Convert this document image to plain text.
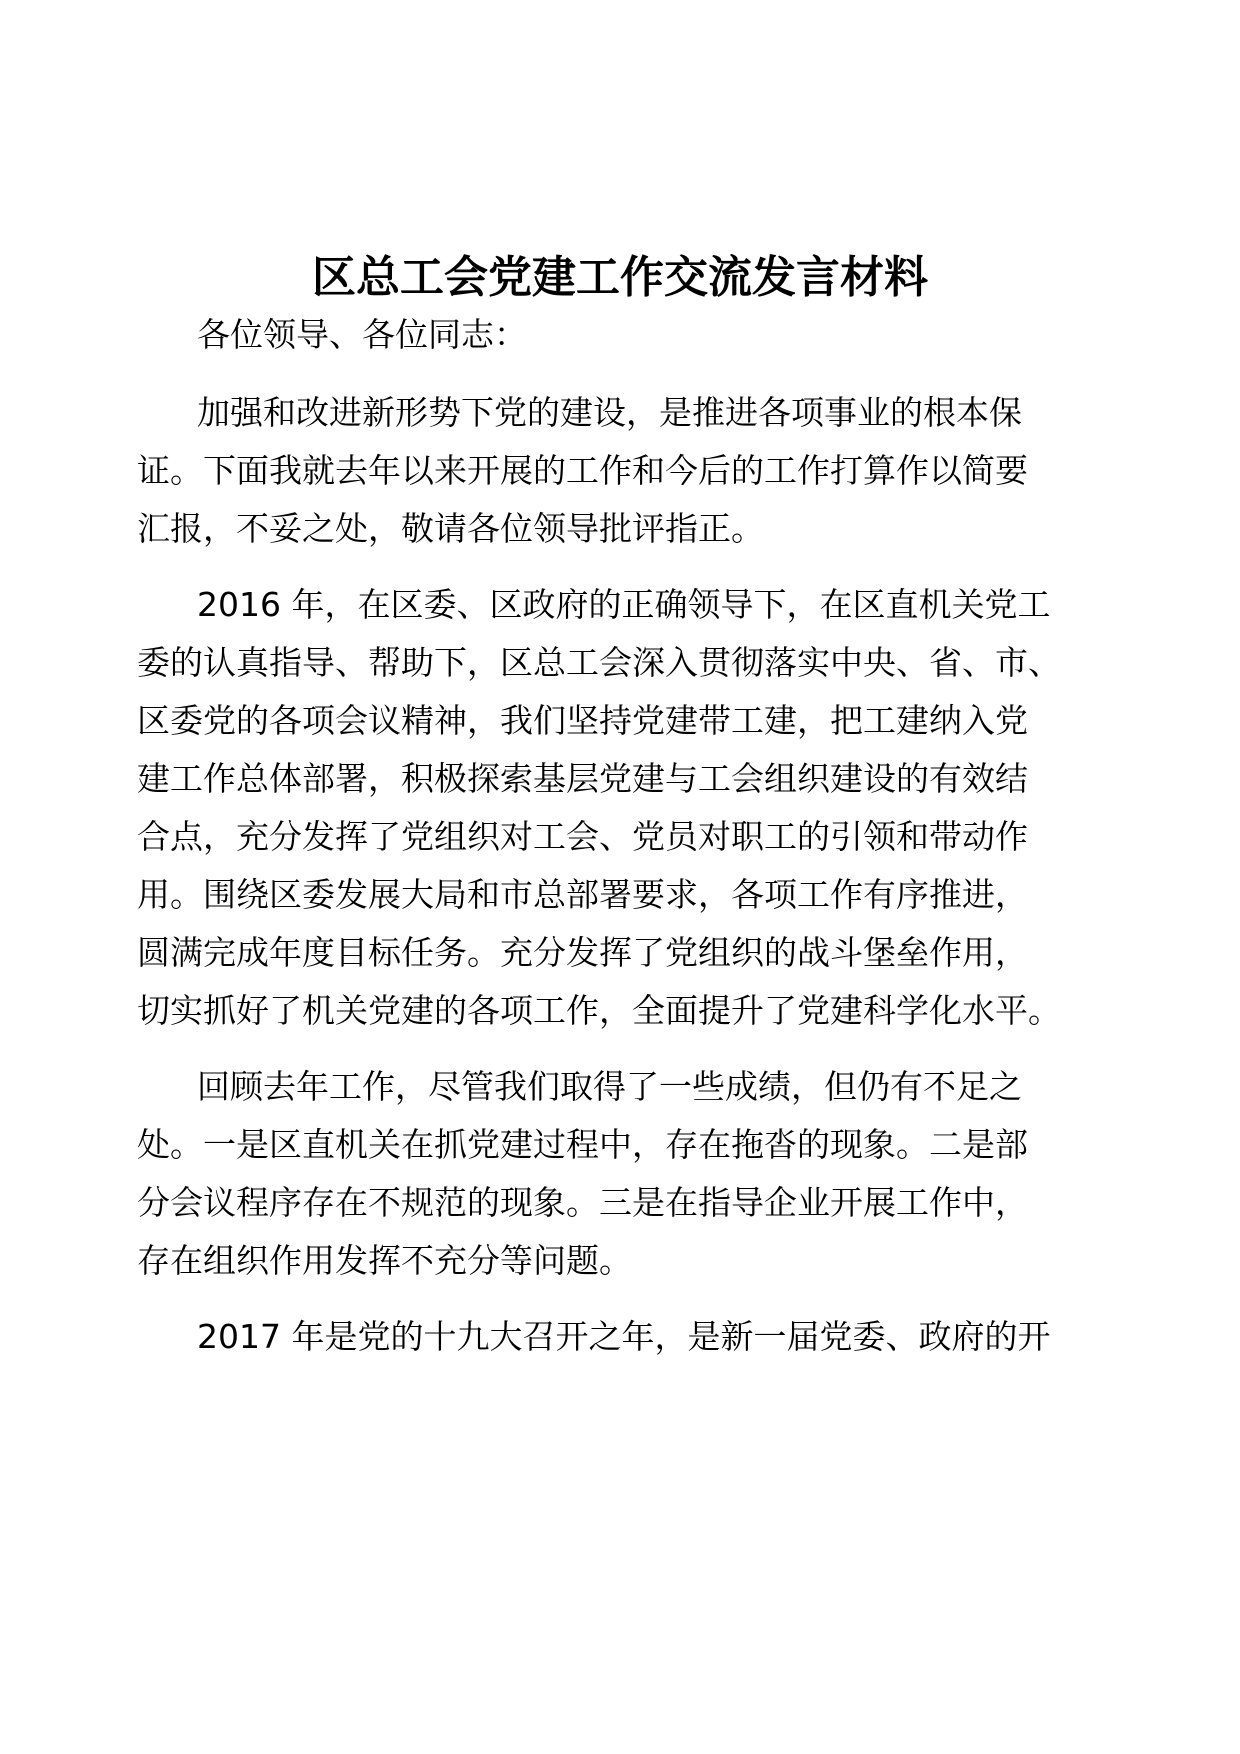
区总工会党建工作交流发言材料

各位领导、各位同志：

加强和改进新形势下党的建设，是推进各项事业的根本保

证。下面我就去年以来开展的工作和今后的工作打算作以简要

汇报，不妥之处，敬请各位领导批评指正。

2016 年，在区委、区政府的正确领导下，在区直机关党工

委的认真指导、帮助下，区总工会深入贯彻落实中央、省、市、

区委党的各项会议精神，我们坚持党建带工建，把工建纳入党

建工作总体部署，积极探索基层党建与工会组织建设的有效结

合点，充分发挥了党组织对工会、党员对职工的引领和带动作

用。围绕区委发展大局和市总部署要求，各项工作有序推进，

圆满完成年度目标任务。充分发挥了党组织的战斗堡垒作用，

切实抓好了机关党建的各项工作，全面提升了党建科学化水平。

回顾去年工作，尽管我们取得了一些成绩，但仍有不足之

处。一是区直机关在抓党建过程中，存在拖沓的现象。二是部

分会议程序存在不规范的现象。三是在指导企业开展工作中，

存在组织作用发挥不充分等问题。

2017 年是党的十九大召开之年，是新一届党委、政府的开
